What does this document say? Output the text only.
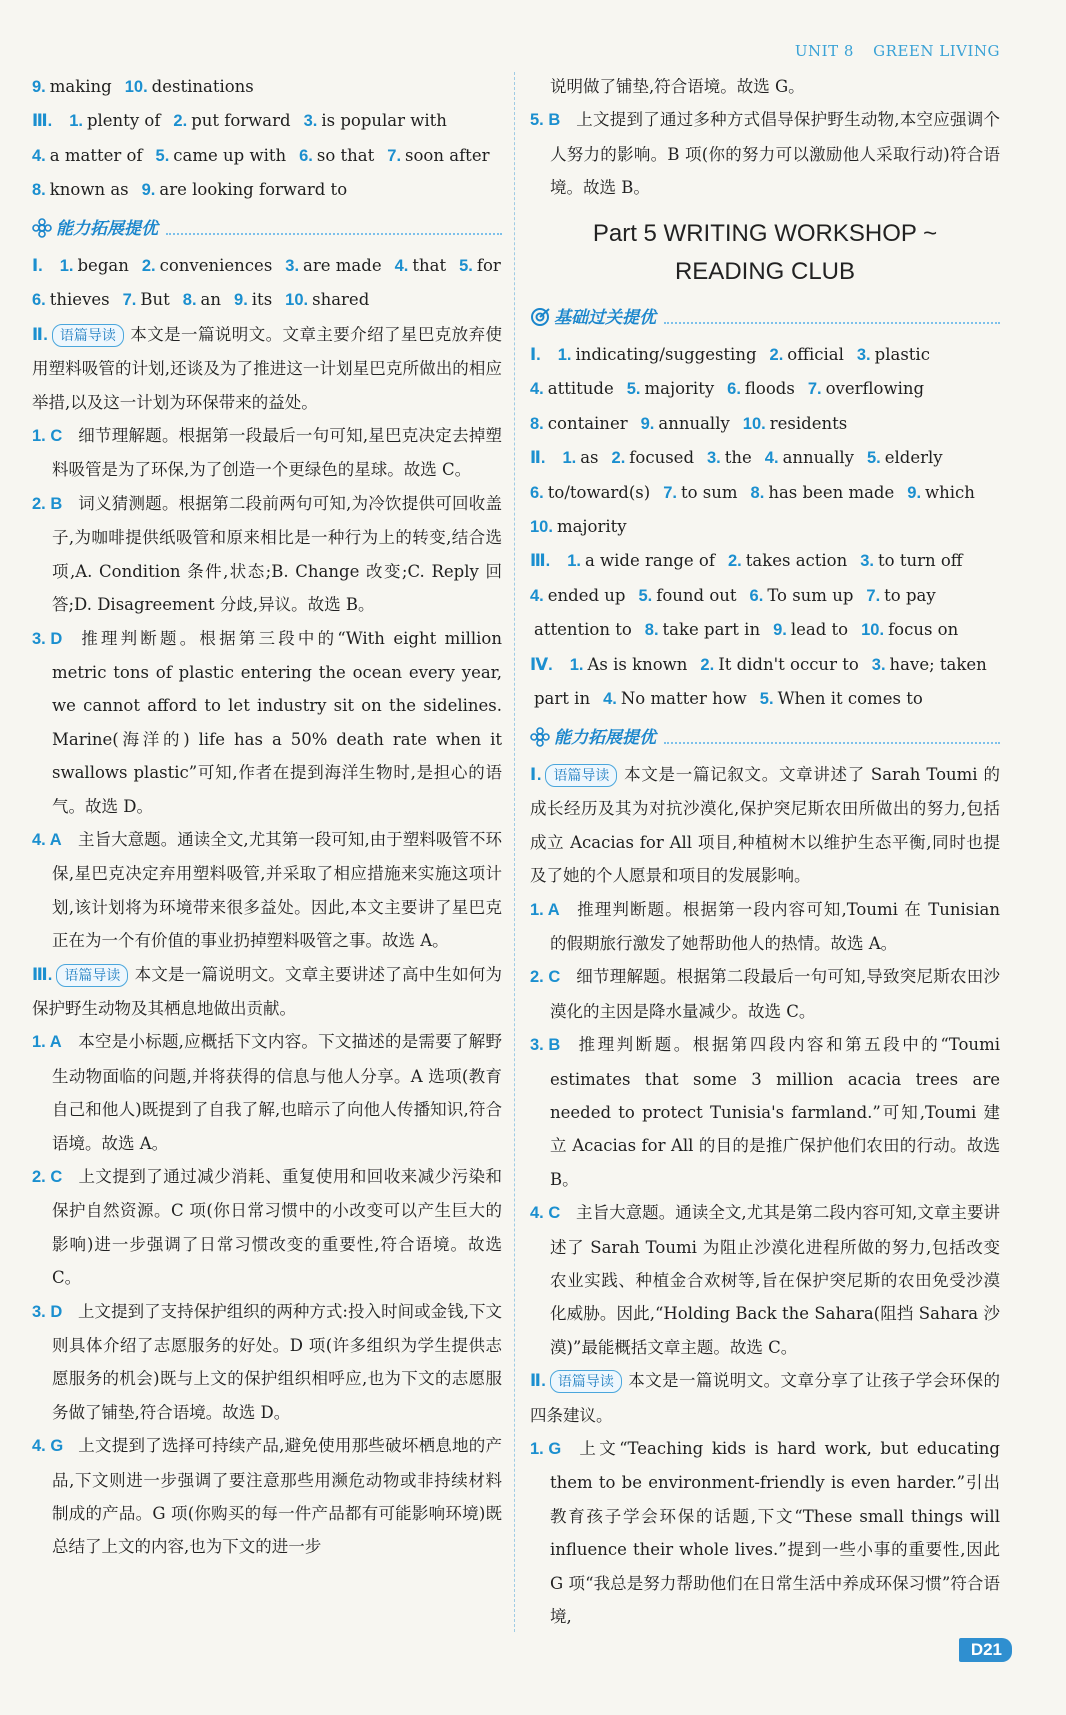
UNIT 8 GREEN LIVING
9. making 10. destinations
Ⅲ. 1. plenty of 2. put forward 3. is popular with
4. a matter of 5. came up with 6. so that 7. soon after
8. known as 9. are looking forward to
能力拓展提优
Ⅰ. 1. began 2. conveniences 3. are made 4. that 5. for
6. thieves 7. But 8. an 9. its 10. shared
Ⅱ. 语篇导读 本文是一篇说明文。文章主要介绍了星巴克放弃使用塑料吸管的计划,还谈及为了推进这一计划星巴克所做出的相应举措,以及这一计划为环保带来的益处。
1. C 细节理解题。根据第一段最后一句可知,星巴克决定去掉塑料吸管是为了环保,为了创造一个更绿色的星球。故选 C。
2. B 词义猜测题。根据第二段前两句可知,为冷饮提供可回收盖子,为咖啡提供纸吸管和原来相比是一种行为上的转变,结合选项,A. Condition 条件,状态;B. Change 改变;C. Reply 回答;D. Disagreement 分歧,异议。故选 B。
3. D 推理判断题。根据第三段中的“With eight million metric tons of plastic entering the ocean every year, we cannot afford to let industry sit on the sidelines. Marine(海洋的) life has a 50% death rate when it swallows plastic”可知,作者在提到海洋生物时,是担心的语气。故选 D。
4. A 主旨大意题。通读全文,尤其第一段可知,由于塑料吸管不环保,星巴克决定弃用塑料吸管,并采取了相应措施来实施这项计划,该计划将为环境带来很多益处。因此,本文主要讲了星巴克正在为一个有价值的事业扔掉塑料吸管之事。故选 A。
Ⅲ. 语篇导读 本文是一篇说明文。文章主要讲述了高中生如何为保护野生动物及其栖息地做出贡献。
1. A 本空是小标题,应概括下文内容。下文描述的是需要了解野生动物面临的问题,并将获得的信息与他人分享。A 选项(教育自己和他人)既提到了自我了解,也暗示了向他人传播知识,符合语境。故选 A。
2. C 上文提到了通过减少消耗、重复使用和回收来减少污染和保护自然资源。C 项(你日常习惯中的小改变可以产生巨大的影响)进一步强调了日常习惯改变的重要性,符合语境。故选 C。
3. D 上文提到了支持保护组织的两种方式:投入时间或金钱,下文则具体介绍了志愿服务的好处。D 项(许多组织为学生提供志愿服务的机会)既与上文的保护组织相呼应,也为下文的志愿服务做了铺垫,符合语境。故选 D。
4. G 上文提到了选择可持续产品,避免使用那些破坏栖息地的产品,下文则进一步强调了要注意那些用濒危动物或非持续材料制成的产品。G 项(你购买的每一件产品都有可能影响环境)既总结了上文的内容,也为下文的进一步
说明做了铺垫,符合语境。故选 G。
5. B 上文提到了通过多种方式倡导保护野生动物,本空应强调个人努力的影响。B 项(你的努力可以激励他人采取行动)符合语境。故选 B。
Part 5 WRITING WORKSHOP ~
READING CLUB
基础过关提优
Ⅰ. 1. indicating/suggesting 2. official 3. plastic
4. attitude 5. majority 6. floods 7. overflowing
8. container 9. annually 10. residents
Ⅱ. 1. as 2. focused 3. the 4. annually 5. elderly
6. to/toward(s) 7. to sum 8. has been made 9. which
10. majority
Ⅲ. 1. a wide range of 2. takes action 3. to turn off
4. ended up 5. found out 6. To sum up 7. to pay
attention to 8. take part in 9. lead to 10. focus on
Ⅳ. 1. As is known 2. It didn't occur to 3. have; taken
part in 4. No matter how 5. When it comes to
能力拓展提优
Ⅰ. 语篇导读 本文是一篇记叙文。文章讲述了 Sarah Toumi 的成长经历及其为对抗沙漠化,保护突尼斯农田所做出的努力,包括成立 Acacias for All 项目,种植树木以维护生态平衡,同时也提及了她的个人愿景和项目的发展影响。
1. A 推理判断题。根据第一段内容可知,Toumi 在 Tunisian 的假期旅行激发了她帮助他人的热情。故选 A。
2. C 细节理解题。根据第二段最后一句可知,导致突尼斯农田沙漠化的主因是降水量减少。故选 C。
3. B 推理判断题。根据第四段内容和第五段中的“Toumi estimates that some 3 million acacia trees are needed to protect Tunisia's farmland.”可知,Toumi 建立 Acacias for All 的目的是推广保护他们农田的行动。故选 B。
4. C 主旨大意题。通读全文,尤其是第二段内容可知,文章主要讲述了 Sarah Toumi 为阻止沙漠化进程所做的努力,包括改变农业实践、种植金合欢树等,旨在保护突尼斯的农田免受沙漠化威胁。因此,“Holding Back the Sahara(阻挡 Sahara 沙漠)”最能概括文章主题。故选 C。
Ⅱ. 语篇导读 本文是一篇说明文。文章分享了让孩子学会环保的四条建议。
1. G 上文“Teaching kids is hard work, but educating them to be environment-friendly is even harder.”引出教育孩子学会环保的话题,下文“These small things will influence their whole lives.”提到一些小事的重要性,因此 G 项“我总是努力帮助他们在日常生活中养成环保习惯”符合语境,
D21
